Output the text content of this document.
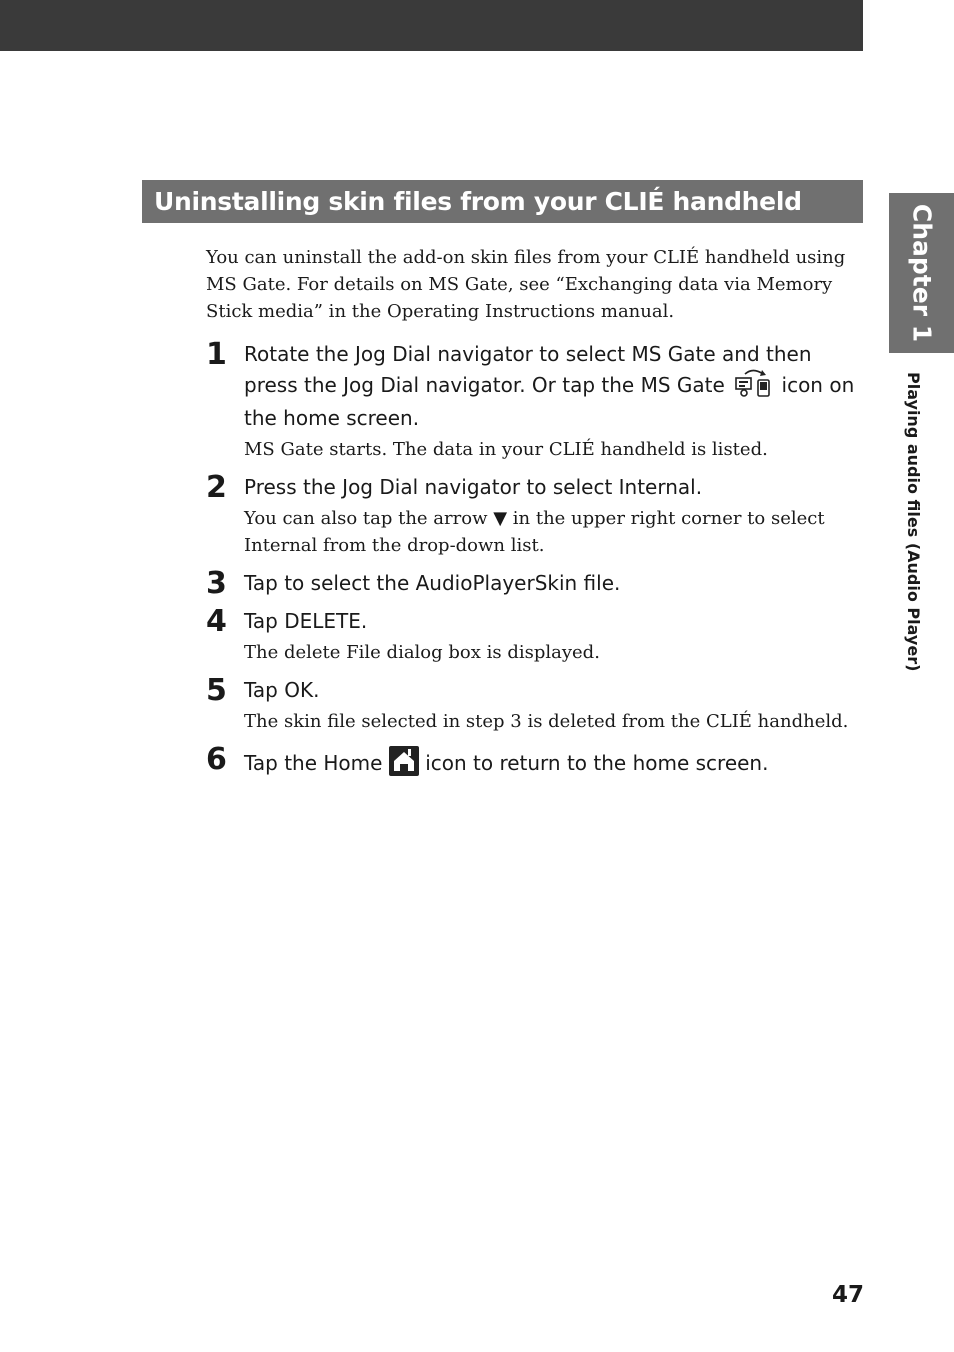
Uninstalling skin files from your CLIÉ handheld
Chapter 1
Playing audio files (Audio Player)

You can uninstall the add-on skin files from your CLIÉ handheld using MS Gate. For details on MS Gate, see “Exchanging data via Memory Stick media” in the Operating Instructions manual.

1 Rotate the Jog Dial navigator to select MS Gate and then press the Jog Dial navigator. Or tap the MS Gate	icon on the home screen.
MS Gate starts. The data in your CLIÉ handheld is listed.
2 Press the Jog Dial navigator to select Internal.
You can also tap the arrow ▼ in the upper right corner to select Internal from the drop-down list.
3 Tap to select the AudioPlayerSkin file.
4 Tap DELETE.
The delete File dialog box is displayed.
5 Tap OK.
The skin file selected in step 3 is deleted from the CLIÉ handheld.
6 Tap the Home icon to return to the home screen.
47
